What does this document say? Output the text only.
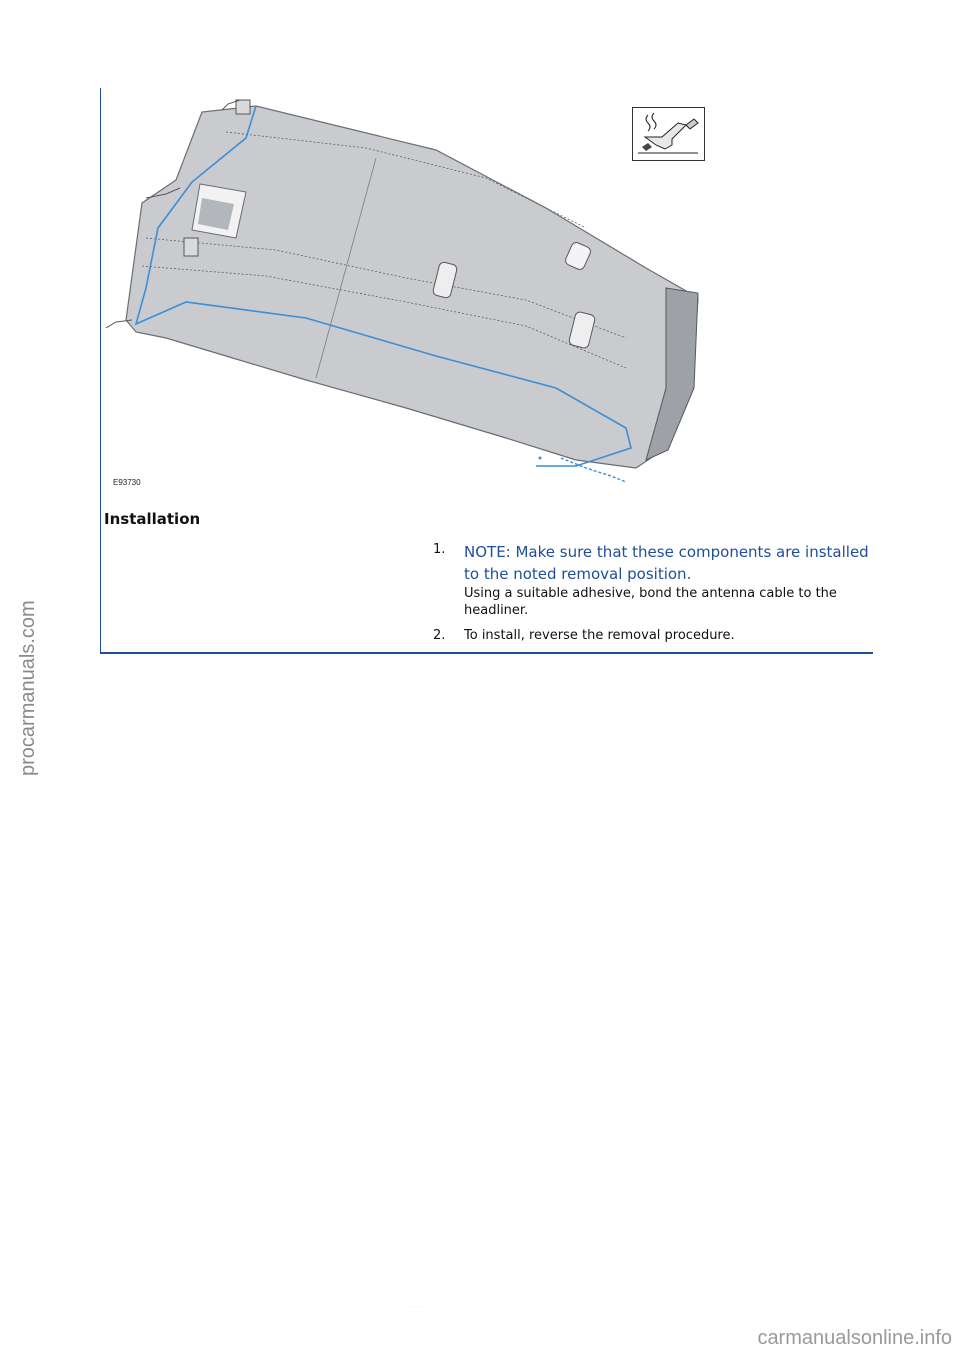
procarmanuals.com
E93730
Installation
1. NOTE: Make sure that these components are installed to the noted removal position.
Using a suitable adhesive, bond the antenna cable to the headliner.
2. To install, reverse the removal procedure.
· · · · ·
carmanualsonline.info
